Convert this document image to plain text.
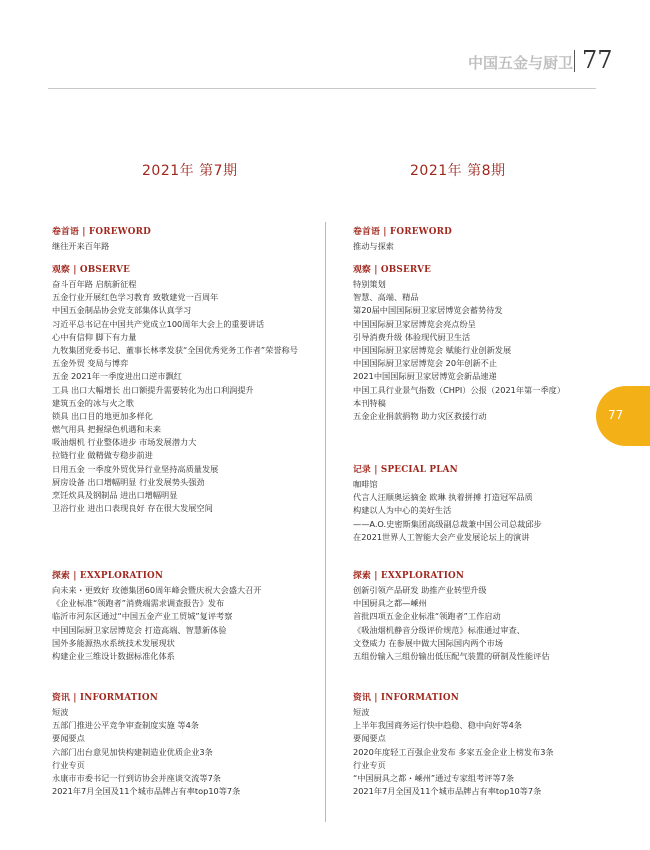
中国五金与厨卫 77
2021年 第7期	2021年 第8期
卷首语 | FOREWORD
继往开来百年路
观察 | OBSERVE
奋斗百年路 启航新征程
五金行业开展红色学习教育 致敬建党一百周年
中国五金制品协会党支部集体认真学习
习近平总书记在中国共产党成立100周年大会上的重要讲话
心中有信仰 脚下有力量
九牧集团党委书记、董事长林孝发获“全国优秀党务工作者”荣誉称号
五金外贸 变局与博弈
五金 2021年一季度进出口逆市飘红
工具 出口大幅增长 出口额提升需要转化为出口利润提升
建筑五金的冰与火之歌
锁具 出口目的地更加多样化
燃气用具 把握绿色机遇和未来
吸油烟机 行业整体进步 市场发展潜力大
拉链行业 做精做专稳步前进
日用五金 一季度外贸优异行业坚持高质量发展
厨房设备 出口增幅明显 行业发展势头强劲
烹饪炊具及钢制品 进出口增幅明显
卫浴行业 进出口表现良好 存在很大发展空间
探索 | EXXPLORATION
向未来・更致好 玫德集团60周年峰会暨庆祝大会盛大召开
《企业标准“领跑者”消费端需求调查报告》发布
临沂市河东区通过“中国五金产业工贸城”复评考察
中国国际厨卫家居博览会 打造高端、智慧新体验
国外多能源热水系统技术发展现状
构建企业三维设计数据标准化体系
资讯 | INFORMATION
短波
五部门推进公平竞争审查制度实施 等4条
要闻要点
六部门出台意见加快构建制造业优质企业3条
行业专页
永康市市委书记一行到访协会并座谈交流等7条
2021年7月全国及11个城市品牌占有率top10等7条
卷首语 | FOREWORD
推动与探索
观察 | OBSERVE
特别策划
智慧、高端、精品
第20届中国国际厨卫家居博览会蓄势待发
中国国际厨卫家居博览会亮点纷呈
引导消费升级 体验现代厨卫生活
中国国际厨卫家居博览会 赋能行业创新发展
中国国际厨卫家居博览会 20年创新不止
2021中国国际厨卫家居博览会新品速递
中国工具行业景气指数（CHPI）公报（2021年第一季度）
本刊特稿
五金企业捐款捐物 助力灾区救援行动
记录 | SPECIAL PLAN
咖啡馆
代言人汪顺奥运摘金 欧琳 执着拼搏 打造冠军品质
构建以人为中心的美好生活
——A.O.史密斯集团高级副总裁兼中国公司总裁邱步
在2021世界人工智能大会产业发展论坛上的演讲
探索 | EXXPLORATION
创新引领产品研发 助推产业转型升级
中国厨具之都—嵊州
首批四项五金企业标准“领跑者”工作启动
《吸油烟机静音分级评价规范》标准通过审查、
文登威力 在参展中做大国际国内两个市场
五组份输入三组份输出低压配气装置的研制及性能评估
资讯 | INFORMATION
短波
上半年我国商务运行快中趋稳、稳中向好等4条
要闻要点
2020年度轻工百强企业发布 多家五金企业上榜发布3条
行业专页
“中国厨具之都・嵊州”通过专家组考评等7条
2021年7月全国及11个城市品牌占有率top10等7条
77
